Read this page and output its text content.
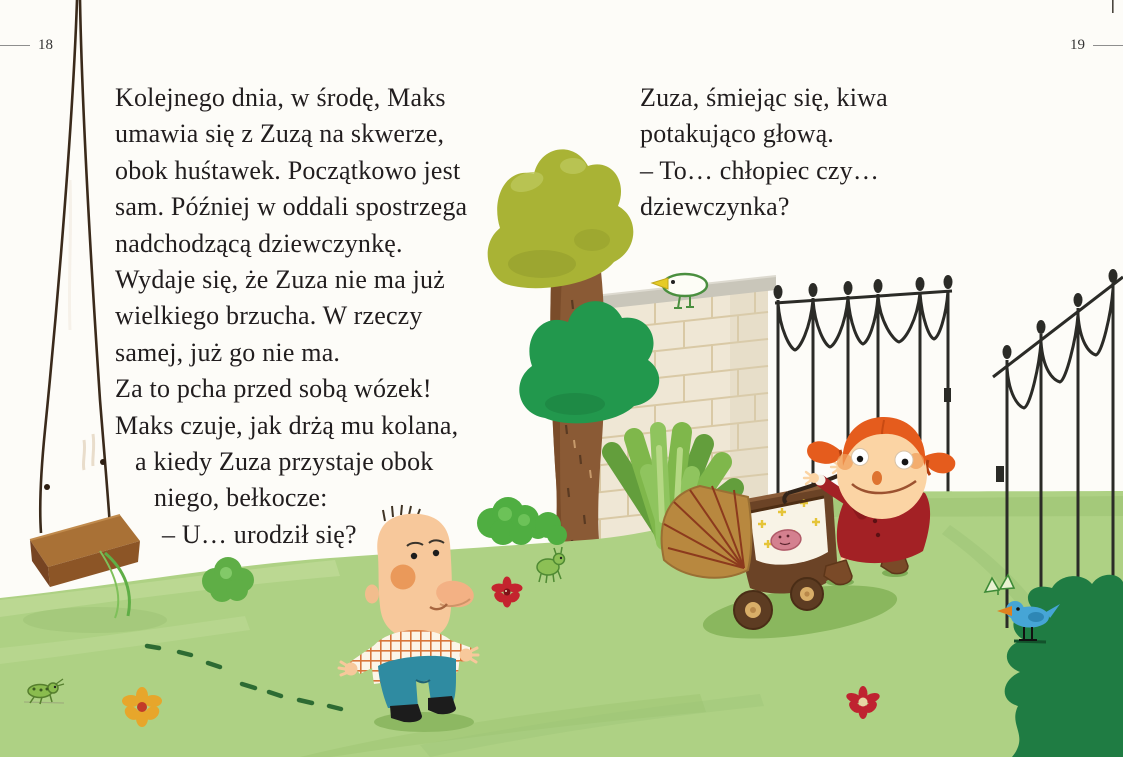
18	19
Kolejnego dnia, w środę, Maks
umawia się z Zuzą na skwerze,
obok huśtawek. Początkowo jest
sam. Później w oddali spostrzega
nadchodzącą dziewczynkę.
Wydaje się, że Zuza nie ma już
wielkiego brzucha. W rzeczy
samej, już go nie ma.
Za to pcha przed sobą wózek!
Maks czuje, jak drżą mu kolana,
a kiedy Zuza przystaje obok
niego, bełkocze:
– U… urodził się?
Zuza, śmiejąc się, kiwa
potakująco głową.
– To… chłopiec czy…
dziewczynka?
